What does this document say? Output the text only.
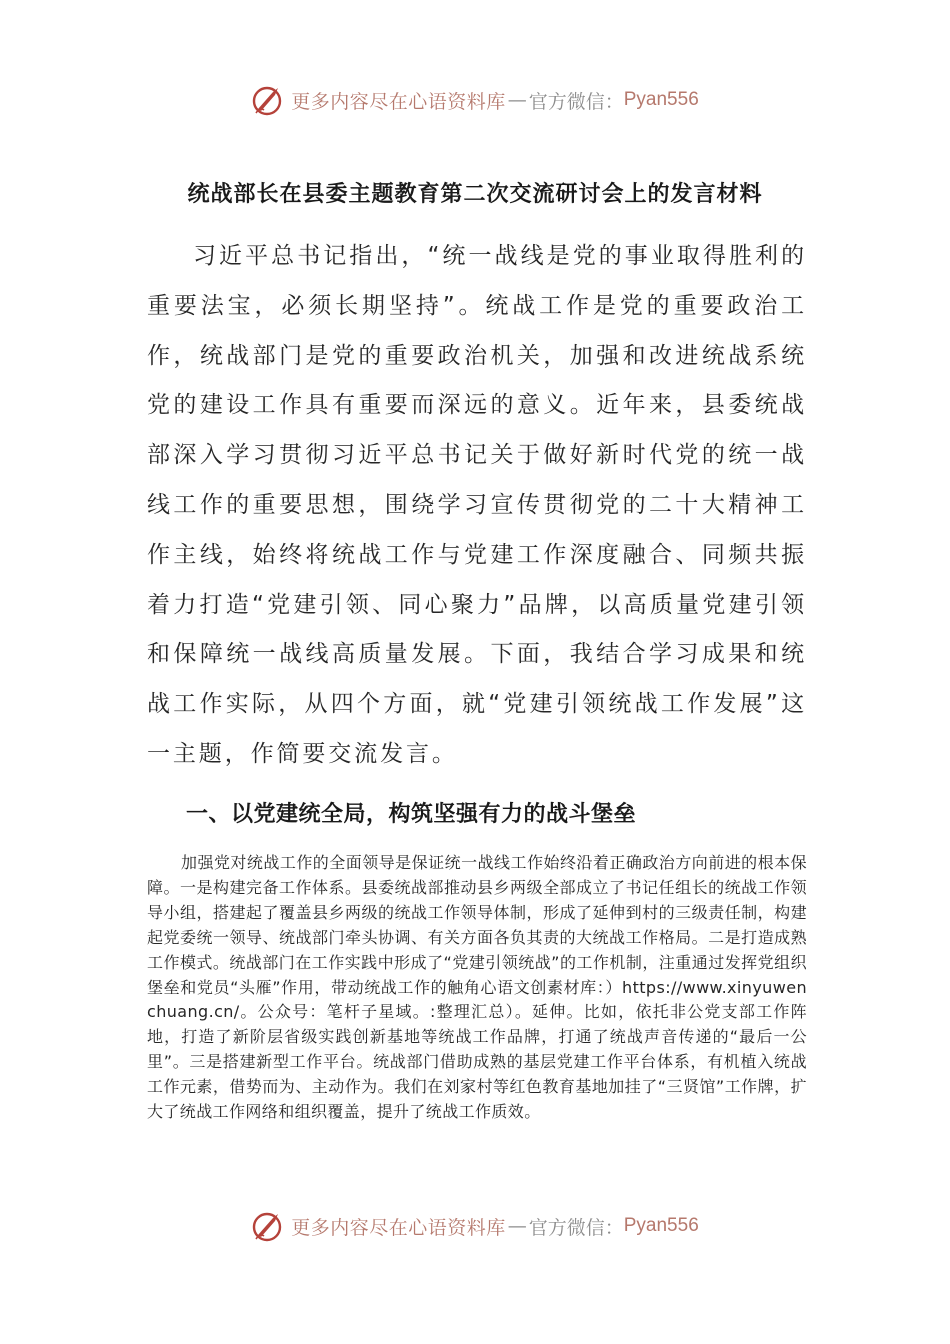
更多内容尽在心语资料库 — 官方微信： Pyan556
统战部长在县委主题教育第二次交流研讨会上的发言材料

习近平总书记指出，“统一战线是党的事业取得胜利的重要法宝，必须长期坚持”。统战工作是党的重要政治工作，统战部门是党的重要政治机关，加强和改进统战系统党的建设工作具有重要而深远的意义。近年来，县委统战部深入学习贯彻习近平总书记关于做好新时代党的统一战线工作的重要思想，围绕学习宣传贯彻党的二十大精神工作主线，始终将统战工作与党建工作深度融合、同频共振着力打造“党建引领、同心聚力”品牌，以高质量党建引领和保障统一战线高质量发展。下面，我结合学习成果和统战工作实际，从四个方面，就“党建引领统战工作发展”这一主题，作简要交流发言。

一、以党建统全局，构筑坚强有力的战斗堡垒

加强党对统战工作的全面领导是保证统一战线工作始终沿着正确政治方向前进的根本保障。一是构建完备工作体系。县委统战部推动县乡两级全部成立了书记任组长的统战工作领导小组，搭建起了覆盖县乡两级的统战工作领导体制，形成了延伸到村的三级责任制，构建起党委统一领导、统战部门牵头协调、有关方面各负其责的大统战工作格局。二是打造成熟工作模式。统战部门在工作实践中形成了“党建引领统战”的工作机制，注重通过发挥党组织堡垒和党员“头雁”作用，带动统战工作的触角心语文创素材库：）https://www.xinyuwenchuang.cn/。公众号：笔杆子星域。:整理汇总）。延伸。比如，依托非公党支部工作阵地，打造了新阶层省级实践创新基地等统战工作品牌，打通了统战声音传递的“最后一公里”。三是搭建新型工作平台。统战部门借助成熟的基层党建工作平台体系，有机植入统战工作元素，借势而为、主动作为。我们在刘家村等红色教育基地加挂了“三贤馆”工作牌，扩大了统战工作网络和组织覆盖，提升了统战工作质效。

更多内容尽在心语资料库 — 官方微信： Pyan556
